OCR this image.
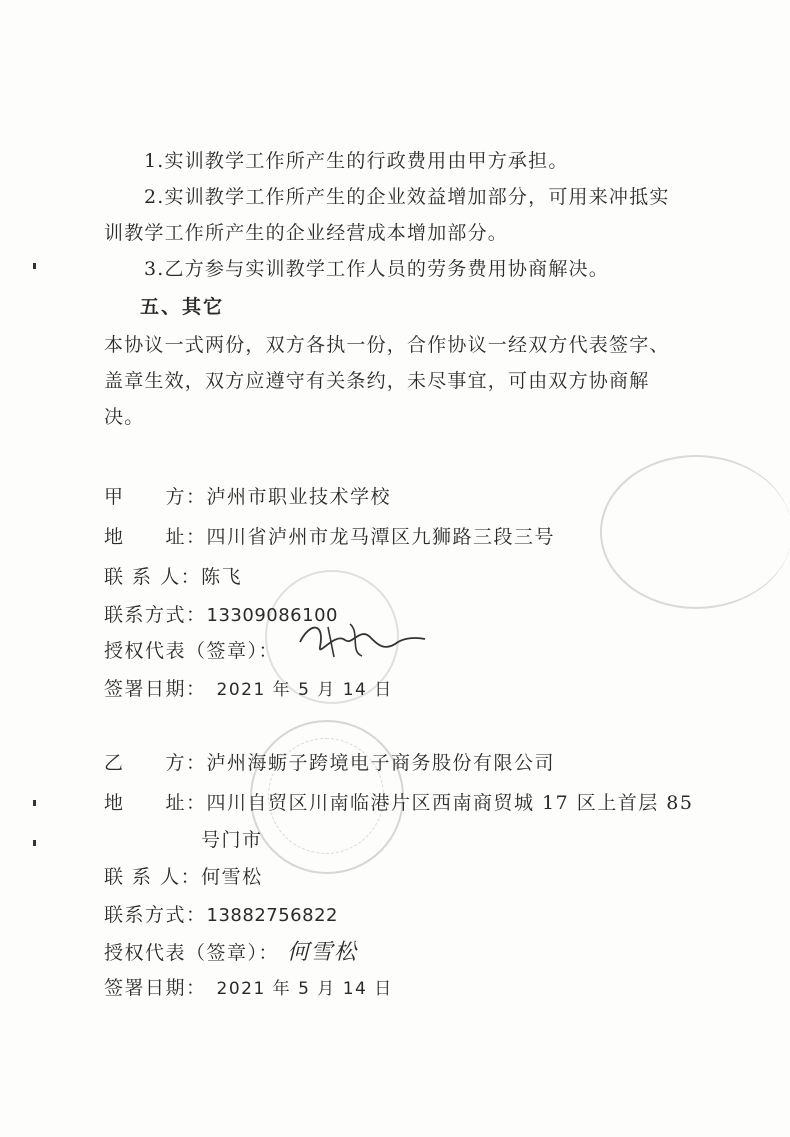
1.实训教学工作所产生的行政费用由甲方承担。
2.实训教学工作所产生的企业效益增加部分，可用来冲抵实训教学工作所产生的企业经营成本增加部分。
3.乙方参与实训教学工作人员的劳务费用协商解决。
五、其它
本协议一式两份，双方各执一份，合作协议一经双方代表签字、盖章生效，双方应遵守有关条约，未尽事宜，可由双方协商解决。
甲　　方：泸州市职业技术学校
地　　址：四川省泸州市龙马潭区九狮路三段三号
联 系 人：陈飞
联系方式：13309086100
授权代表（签章）：
签署日期： 2021 年 5 月 14 日
乙　　方：泸州海蛎子跨境电子商务股份有限公司
地　　址：四川自贸区川南临港片区西南商贸城 17 区上首层 85
号门市
联 系 人：何雪松
联系方式：13882756822
授权代表（签章）： 何雪松
签署日期： 2021 年 5 月 14 日
